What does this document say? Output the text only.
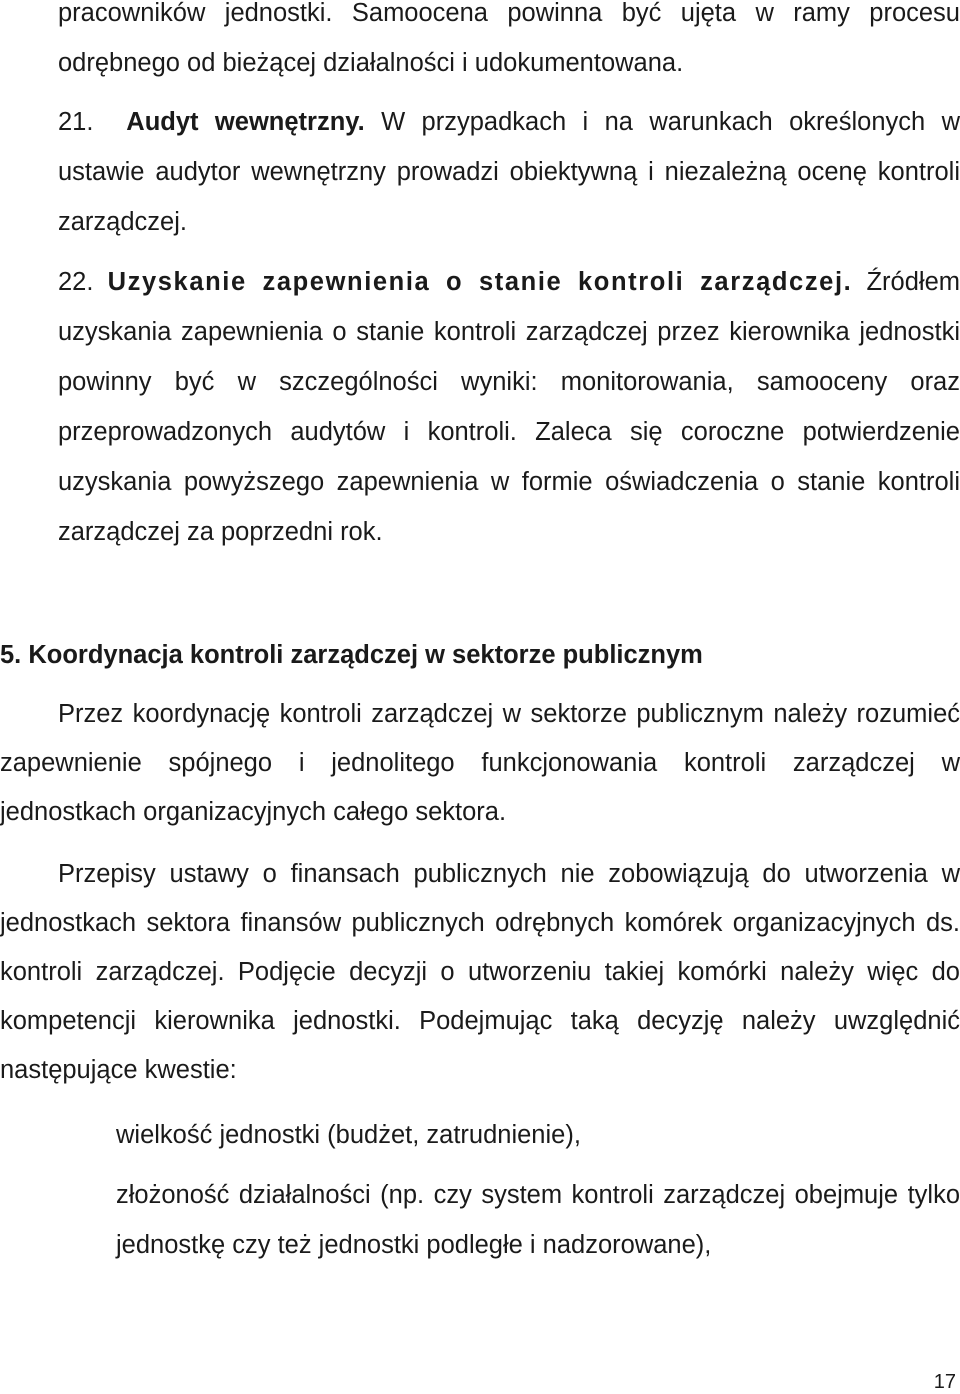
pracowników jednostki. Samoocena powinna być ujęta w ramy procesu odrębnego od bieżącej działalności i udokumentowana.

21. Audyt wewnętrzny. W przypadkach i na warunkach określonych w ustawie audytor wewnętrzny prowadzi obiektywną i niezależną ocenę kontroli zarządczej.

22. Uzyskanie zapewnienia o stanie kontroli zarządczej. Źródłem uzyskania zapewnienia o stanie kontroli zarządczej przez kierownika jednostki powinny być w szczególności wyniki: monitorowania, samooceny oraz przeprowadzonych audytów i kontroli. Zaleca się coroczne potwierdzenie uzyskania powyższego zapewnienia w formie oświadczenia o stanie kontroli zarządczej za poprzedni rok.

5. Koordynacja kontroli zarządczej w sektorze publicznym

Przez koordynację kontroli zarządczej w sektorze publicznym należy rozumieć zapewnienie spójnego i jednolitego funkcjonowania kontroli zarządczej w jednostkach organizacyjnych całego sektora.

Przepisy ustawy o finansach publicznych nie zobowiązują do utworzenia w jednostkach sektora finansów publicznych odrębnych komórek organizacyjnych ds. kontroli zarządczej. Podjęcie decyzji o utworzeniu takiej komórki należy więc do kompetencji kierownika jednostki. Podejmując taką decyzję należy uwzględnić następujące kwestie:

wielkość jednostki (budżet, zatrudnienie),

złożoność działalności (np. czy system kontroli zarządczej obejmuje tylko jednostkę czy też jednostki podległe i nadzorowane),

17
